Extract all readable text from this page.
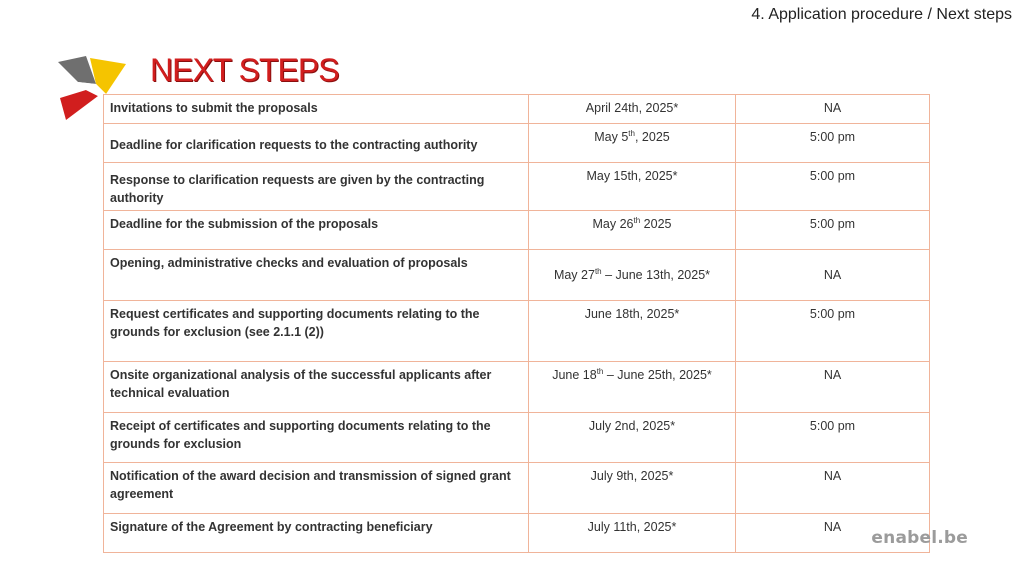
4. Application procedure / Next steps
NEXT STEPS
Invitations to submit the proposals	April 24th, 2025*	NA
Deadline for clarification requests to the contracting authority	May 5th, 2025	5:00 pm
Response to clarification requests are given by the contracting authority	May 15th, 2025*	5:00 pm
Deadline for the submission of the proposals	May 26th 2025	5:00 pm
Opening, administrative checks and evaluation of proposals	May 27th – June 13th, 2025*	NA
Request certificates and supporting documents relating to the grounds for exclusion (see 2.1.1 (2))	June 18th, 2025*	5:00 pm
Onsite organizational analysis of the successful applicants after technical evaluation	June 18th – June 25th, 2025*	NA
Receipt of certificates and supporting documents relating to the grounds for exclusion	July 2nd, 2025*	5:00 pm
Notification of the award decision and transmission of signed grant agreement	July 9th, 2025*	NA
Signature of the Agreement by contracting beneficiary	July 11th, 2025*	NA
enabel.be
